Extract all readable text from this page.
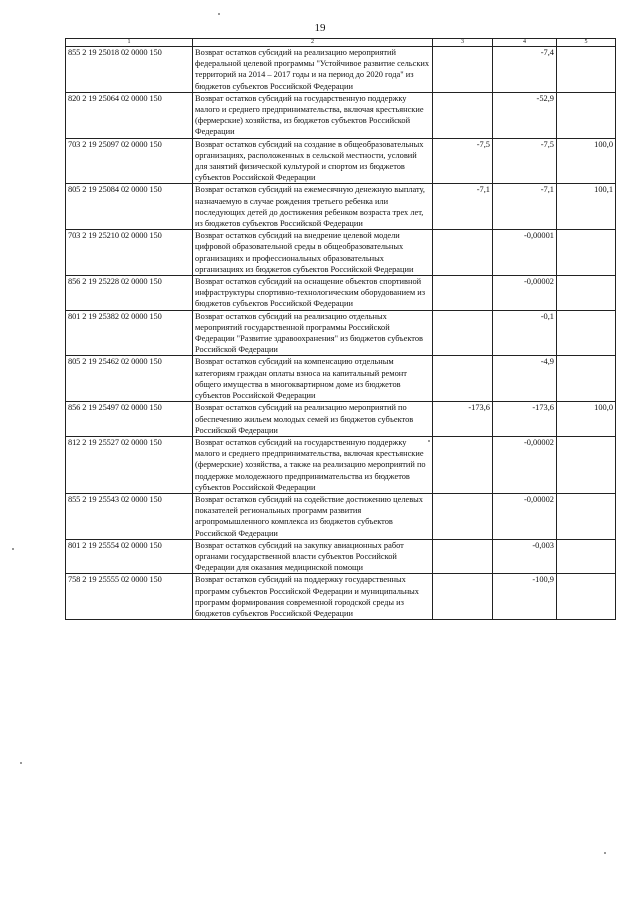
19
1	2	3	4	5
855 2 19 25018 02 0000 150	Возврат остатков субсидий на реализацию мероприятий федеральной целевой программы "Устойчивое развитие сельских территорий на 2014 – 2017 годы и на период до 2020 года" из бюджетов субъектов Российской Федерации		-7,4	
820 2 19 25064 02 0000 150	Возврат остатков субсидий на государственную поддержку малого и среднего предпринимательства, включая крестьянские (фермерские) хозяйства, из бюджетов субъектов Российской Федерации		-52,9	
703 2 19 25097 02 0000 150	Возврат остатков субсидий на создание в общеобразовательных организациях, расположенных в сельской местности, условий для занятий физической культурой и спортом из бюджетов субъектов Российской Федерации	-7,5	-7,5	100,0
805 2 19 25084 02 0000 150	Возврат остатков субсидий на ежемесячную денежную выплату, назначаемую в случае рождения третьего ребенка или последующих детей до достижения ребенком возраста трех лет, из бюджетов субъектов Российской Федерации	-7,1	-7,1	100,1
703 2 19 25210 02 0000 150	Возврат остатков субсидий на внедрение целевой модели цифровой образовательной среды в общеобразовательных организациях и профессиональных образовательных организациях из бюджетов субъектов Российской Федерации		-0,00001	
856 2 19 25228 02 0000 150	Возврат остатков субсидий на оснащение объектов спортивной инфраструктуры спортивно-технологическим оборудованием из бюджетов субъектов Российской Федерации		-0,00002	
801 2 19 25382 02 0000 150	Возврат остатков субсидий на реализацию отдельных мероприятий государственной программы Российской Федерации "Развитие здравоохранения" из бюджетов субъектов Российской Федерации		-0,1	
805 2 19 25462 02 0000 150	Возврат остатков субсидий на компенсацию отдельным категориям граждан оплаты взноса на капитальный ремонт общего имущества в многоквартирном доме из бюджетов субъектов Российской Федерации		-4,9	
856 2 19 25497 02 0000 150	Возврат остатков субсидий на реализацию мероприятий по обеспечению жильем молодых семей из бюджетов субъектов Российской Федерации	-173,6	-173,6	100,0
812 2 19 25527 02 0000 150	Возврат остатков субсидий на государственную поддержку малого и среднего предпринимательства, включая крестьянские (фермерские) хозяйства, а также на реализацию мероприятий по поддержке молодежного предпринимательства из бюджетов субъектов Российской Федерации		-0,00002	
855 2 19 25543 02 0000 150	Возврат остатков субсидий на содействие достижению целевых показателей региональных программ развития агропромышленного комплекса из бюджетов субъектов Российской Федерации		-0,00002	
801 2 19 25554 02 0000 150	Возврат остатков субсидий на закупку авиационных работ органами государственной власти субъектов Российской Федерации для оказания медицинской помощи		-0,003	
758 2 19 25555 02 0000 150	Возврат остатков субсидий на поддержку государственных программ субъектов Российской Федерации и муниципальных программ формирования современной городской среды из бюджетов субъектов Российской Федерации		-100,9	
